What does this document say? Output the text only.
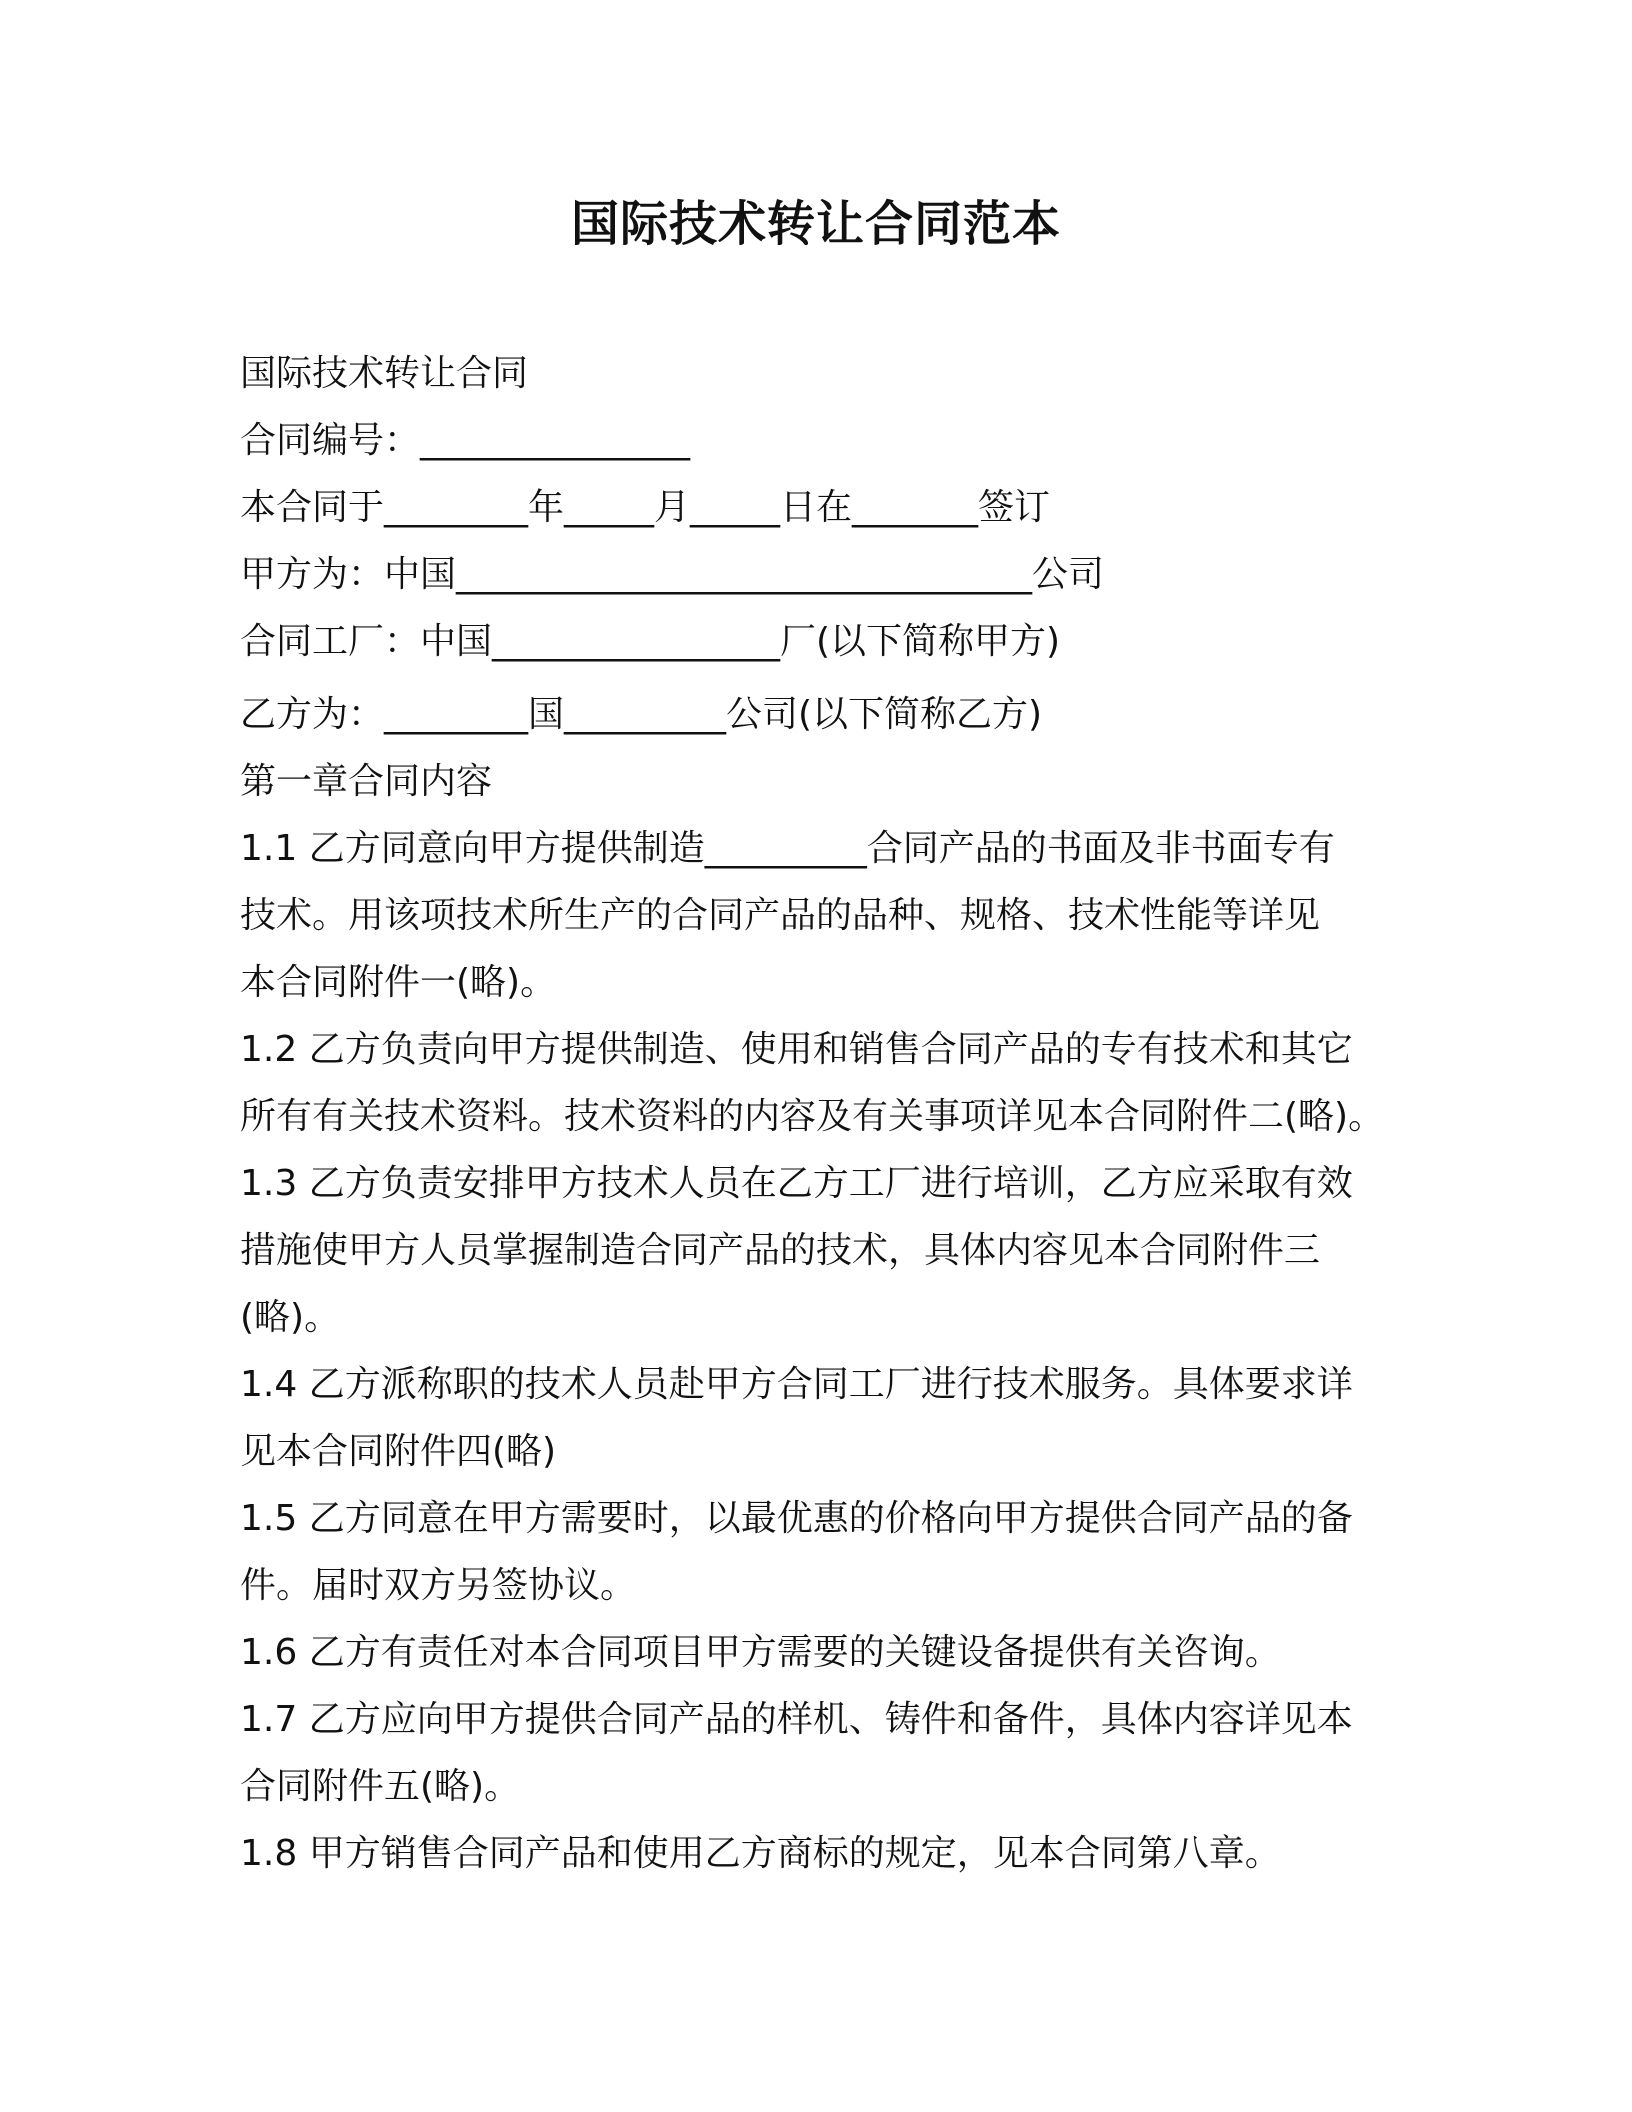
国际技术转让合同范本

国际技术转让合同

合同编号：_______________

本合同于________年_____月_____日在_______签订

甲方为：中国________________________________公司

合同工厂：中国________________厂(以下简称甲方)

乙方为：________国_________公司(以下简称乙方)

第一章合同内容

1.1 乙方同意向甲方提供制造_________合同产品的书面及非书面专有

技术。用该项技术所生产的合同产品的品种、规格、技术性能等详见

本合同附件一(略)。

1.2 乙方负责向甲方提供制造、使用和销售合同产品的专有技术和其它

所有有关技术资料。技术资料的内容及有关事项详见本合同附件二(略)。

1.3 乙方负责安排甲方技术人员在乙方工厂进行培训，乙方应采取有效

措施使甲方人员掌握制造合同产品的技术，具体内容见本合同附件三

(略)。

1.4 乙方派称职的技术人员赴甲方合同工厂进行技术服务。具体要求详

见本合同附件四(略)

1.5 乙方同意在甲方需要时，以最优惠的价格向甲方提供合同产品的备

件。届时双方另签协议。

1.6 乙方有责任对本合同项目甲方需要的关键设备提供有关咨询。

1.7 乙方应向甲方提供合同产品的样机、铸件和备件，具体内容详见本

合同附件五(略)。

1.8 甲方销售合同产品和使用乙方商标的规定，见本合同第八章。
